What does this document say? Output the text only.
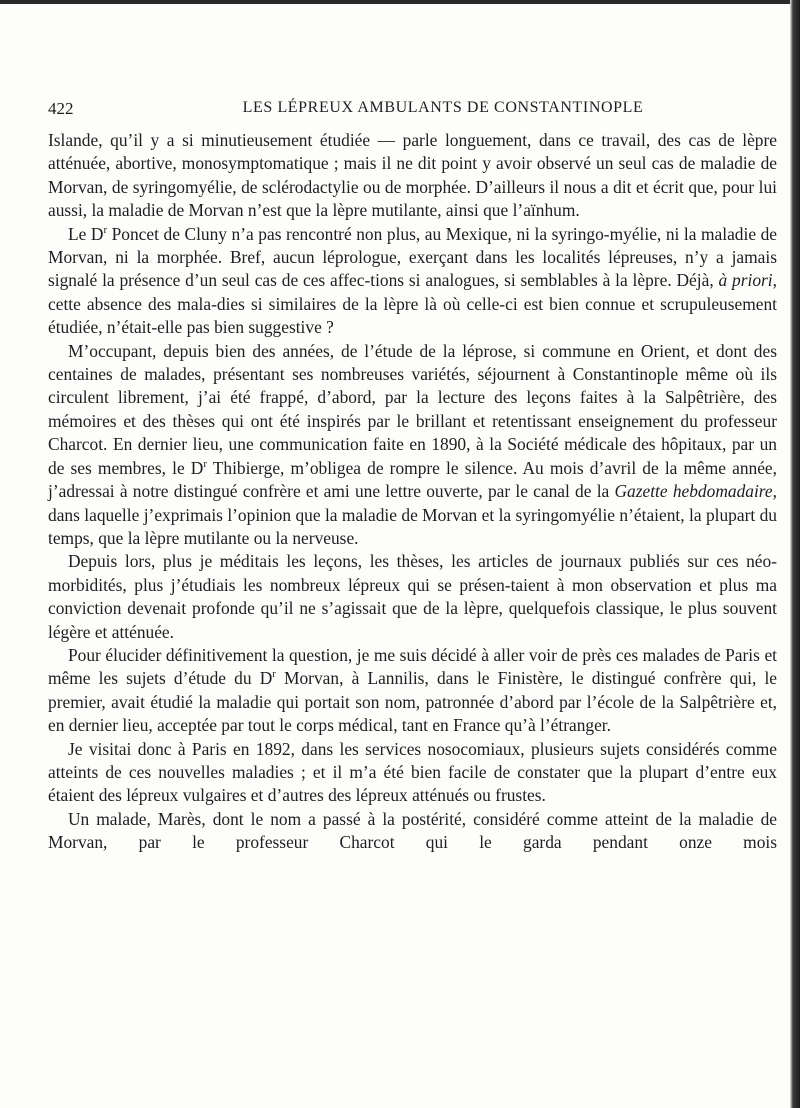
422	LES LÉPREUX AMBULANTS DE CONSTANTINOPLE

Islande, qu’il y a si minutieusement étudiée — parle longuement, dans ce travail, des cas de lèpre atténuée, abortive, monosymptomatique ; mais il ne dit point y avoir observé un seul cas de maladie de Morvan, de syringomyélie, de sclérodactylie ou de morphée. D’ailleurs il nous a dit et écrit que, pour lui aussi, la maladie de Morvan n’est que la lèpre mutilante, ainsi que l’aïnhum.

Le $D^r$ Poncet de Cluny n’a pas rencontré non plus, au Mexique, ni la syringo-myélie, ni la maladie de Morvan, ni la morphée. Bref, aucun léprologue, exerçant dans les localités lépreuses, n’y a jamais signalé la présence d’un seul cas de ces affec-tions si analogues, si semblables à la lèpre. Déjà, à priori, cette absence des mala-dies si similaires de la lèpre là où celle-ci est bien connue et scrupuleusement étudiée, n’était-elle pas bien suggestive ?

M’occupant, depuis bien des années, de l’étude de la léprose, si commune en Orient, et dont des centaines de malades, présentant ses nombreuses variétés, séjournent à Constantinople même où ils circulent librement, j’ai été frappé, d’abord, par la lecture des leçons faites à la Salpêtrière, des mémoires et des thèses qui ont été inspirés par le brillant et retentissant enseignement du professeur Charcot. En dernier lieu, une communication faite en 1890, à la Société médicale des hôpitaux, par un de ses membres, le $D^r$ Thibierge, m’obligea de rompre le silence. Au mois d’avril de la même année, j’adressai à notre distingué confrère et ami une lettre ouverte, par le canal de la Gazette hebdomadaire, dans laquelle j’exprimais l’opinion que la maladie de Morvan et la syringomyélie n’étaient, la plupart du temps, que la lèpre mutilante ou la nerveuse.

Depuis lors, plus je méditais les leçons, les thèses, les articles de journaux publiés sur ces néo-morbidités, plus j’étudiais les nombreux lépreux qui se présen-taient à mon observation et plus ma conviction devenait profonde qu’il ne s’agissait que de la lèpre, quelquefois classique, le plus souvent légère et atténuée.

Pour élucider définitivement la question, je me suis décidé à aller voir de près ces malades de Paris et même les sujets d’étude du $D^r$ Morvan, à Lannilis, dans le Finistère, le distingué confrère qui, le premier, avait étudié la maladie qui portait son nom, patronnée d’abord par l’école de la Salpêtrière et, en dernier lieu, acceptée par tout le corps médical, tant en France qu’à l’étranger.

Je visitai donc à Paris en 1892, dans les services nosocomiaux, plusieurs sujets considérés comme atteints de ces nouvelles maladies ; et il m’a été bien facile de constater que la plupart d’entre eux étaient des lépreux vulgaires et d’autres des lépreux atténués ou frustes.

Un malade, Marès, dont le nom a passé à la postérité, considéré comme atteint de la maladie de Morvan, par le professeur Charcot qui le garda pendant onze mois
